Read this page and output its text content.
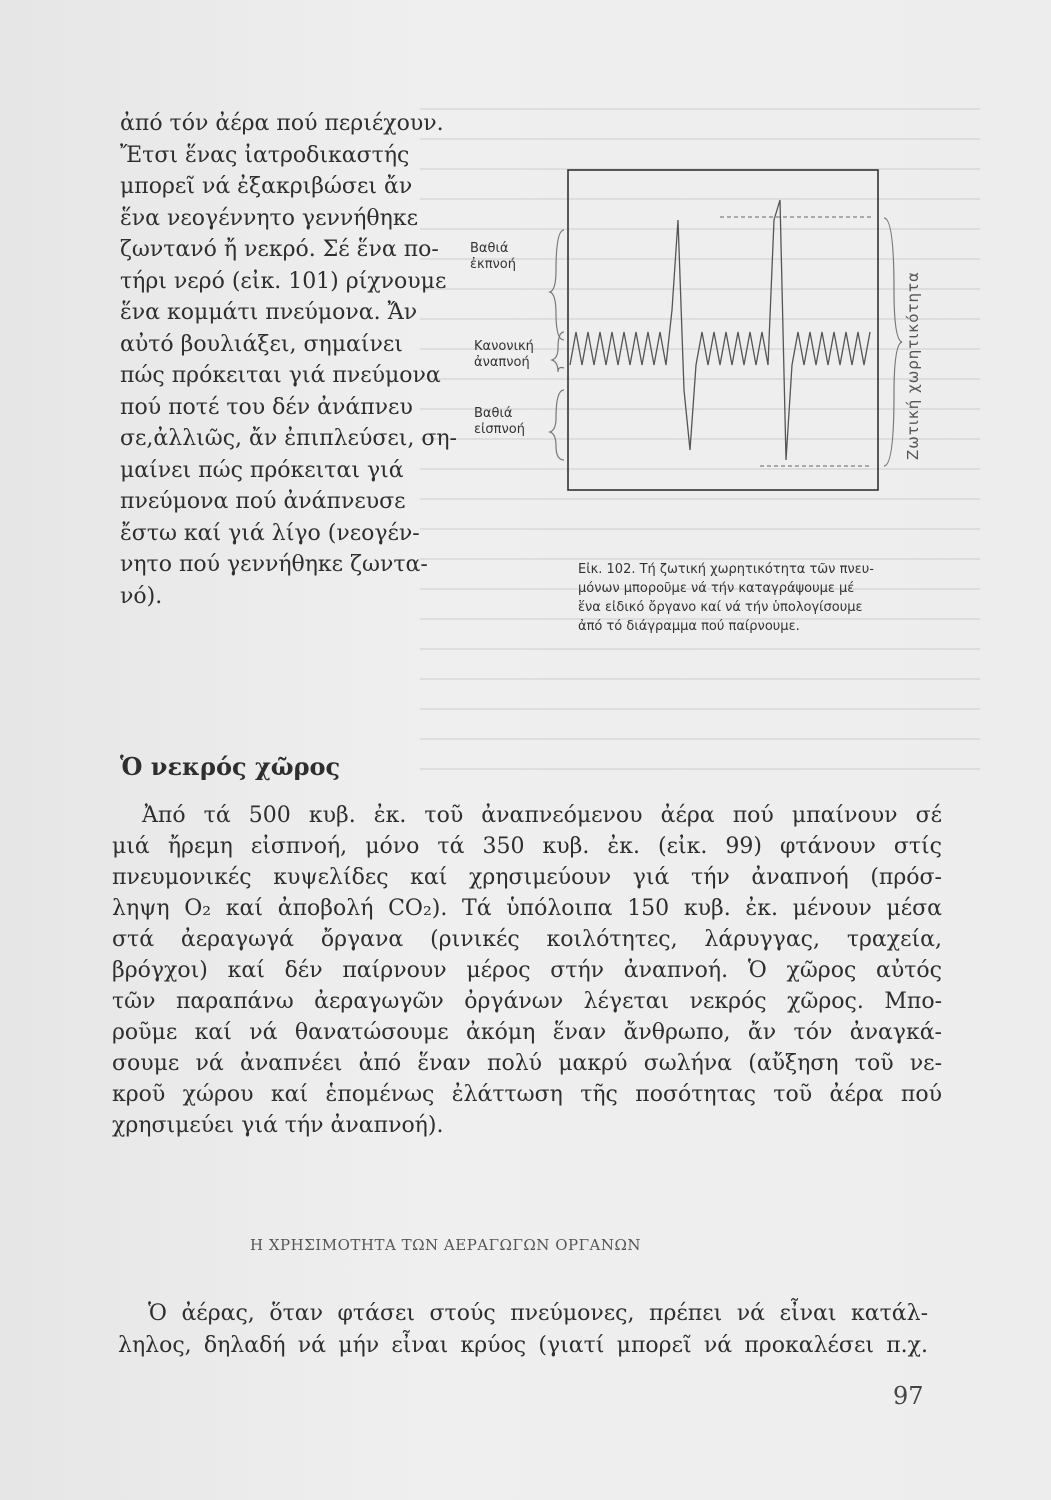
ἀπό τόν ἀέρα πού περιέχουν.
Ἔτσι ἕνας ἰατροδικαστής
μπορεῖ νά ἐξακριβώσει ἄν
ἕνα νεογέννητο γεννήθηκε
ζωντανό ἤ νεκρό. Σέ ἕνα πο-
τήρι νερό (εἰκ. 101) ρίχνουμε
ἕνα κομμάτι πνεύμονα. Ἄν
αὐτό βουλιάξει, σημαίνει
πώς πρόκειται γιά πνεύμονα
πού ποτέ του δέν ἀνάπνευ
σε,ἀλλιῶς, ἄν ἐπιπλεύσει, ση-
μαίνει πώς πρόκειται γιά
πνεύμονα πού ἀνάπνευσε
ἔστω καί γιά λίγο (νεογέν-
νητο πού γεννήθηκε ζωντα-
νό).
Βαθιά
ἐκπνοή
Κανονική
ἀναπνοή
Βαθιά
εἰσπνοή	Ζωτική χωρητικότητα
Εἰκ. 102. Τή ζωτική χωρητικότητα τῶν πνευ-
μόνων μποροῦμε νά τήν καταγράψουμε μέ
ἕνα εἰδικό ὄργανο καί νά τήν ὑπολογίσουμε
ἀπό τό διάγραμμα πού παίρνουμε.
Ὁ νεκρός χῶρος
Ἀπό τά 500 κυβ. ἐκ. τοῦ ἀναπνεόμενου ἀέρα πού μπαίνουν σέ
μιά ἤρεμη εἰσπνοή, μόνο τά 350 κυβ. ἐκ. (εἰκ. 99) φτάνουν στίς
πνευμονικές κυψελίδες καί χρησιμεύουν γιά τήν ἀναπνοή (πρόσ-
ληψη O₂ καί ἀποβολή CO₂). Τά ὑπόλοιπα 150 κυβ. ἐκ. μένουν μέσα
στά ἀεραγωγά ὄργανα (ρινικές κοιλότητες, λάρυγγας, τραχεία,
βρόγχοι) καί δέν παίρνουν μέρος στήν ἀναπνοή. Ὁ χῶρος αὐτός
τῶν παραπάνω ἀεραγωγῶν ὀργάνων λέγεται νεκρός χῶρος. Μπο-
ροῦμε καί νά θανατώσουμε ἀκόμη ἕναν ἄνθρωπο, ἄν τόν ἀναγκά-
σουμε νά ἀναπνέει ἀπό ἕναν πολύ μακρύ σωλήνα (αὔξηση τοῦ νε-
κροῦ χώρου καί ἑπομένως ἐλάττωση τῆς ποσότητας τοῦ ἀέρα πού
χρησιμεύει γιά τήν ἀναπνοή).
Η ΧΡΗΣΙΜΟΤΗΤΑ ΤΩΝ ΑΕΡΑΓΩΓΩΝ ΟΡΓΑΝΩΝ
Ὁ ἀέρας, ὅταν φτάσει στούς πνεύμονες, πρέπει νά εἶναι κατάλ-
ληλος, δηλαδή νά μήν εἶναι κρύος (γιατί μπορεῖ νά προκαλέσει π.χ.
97
